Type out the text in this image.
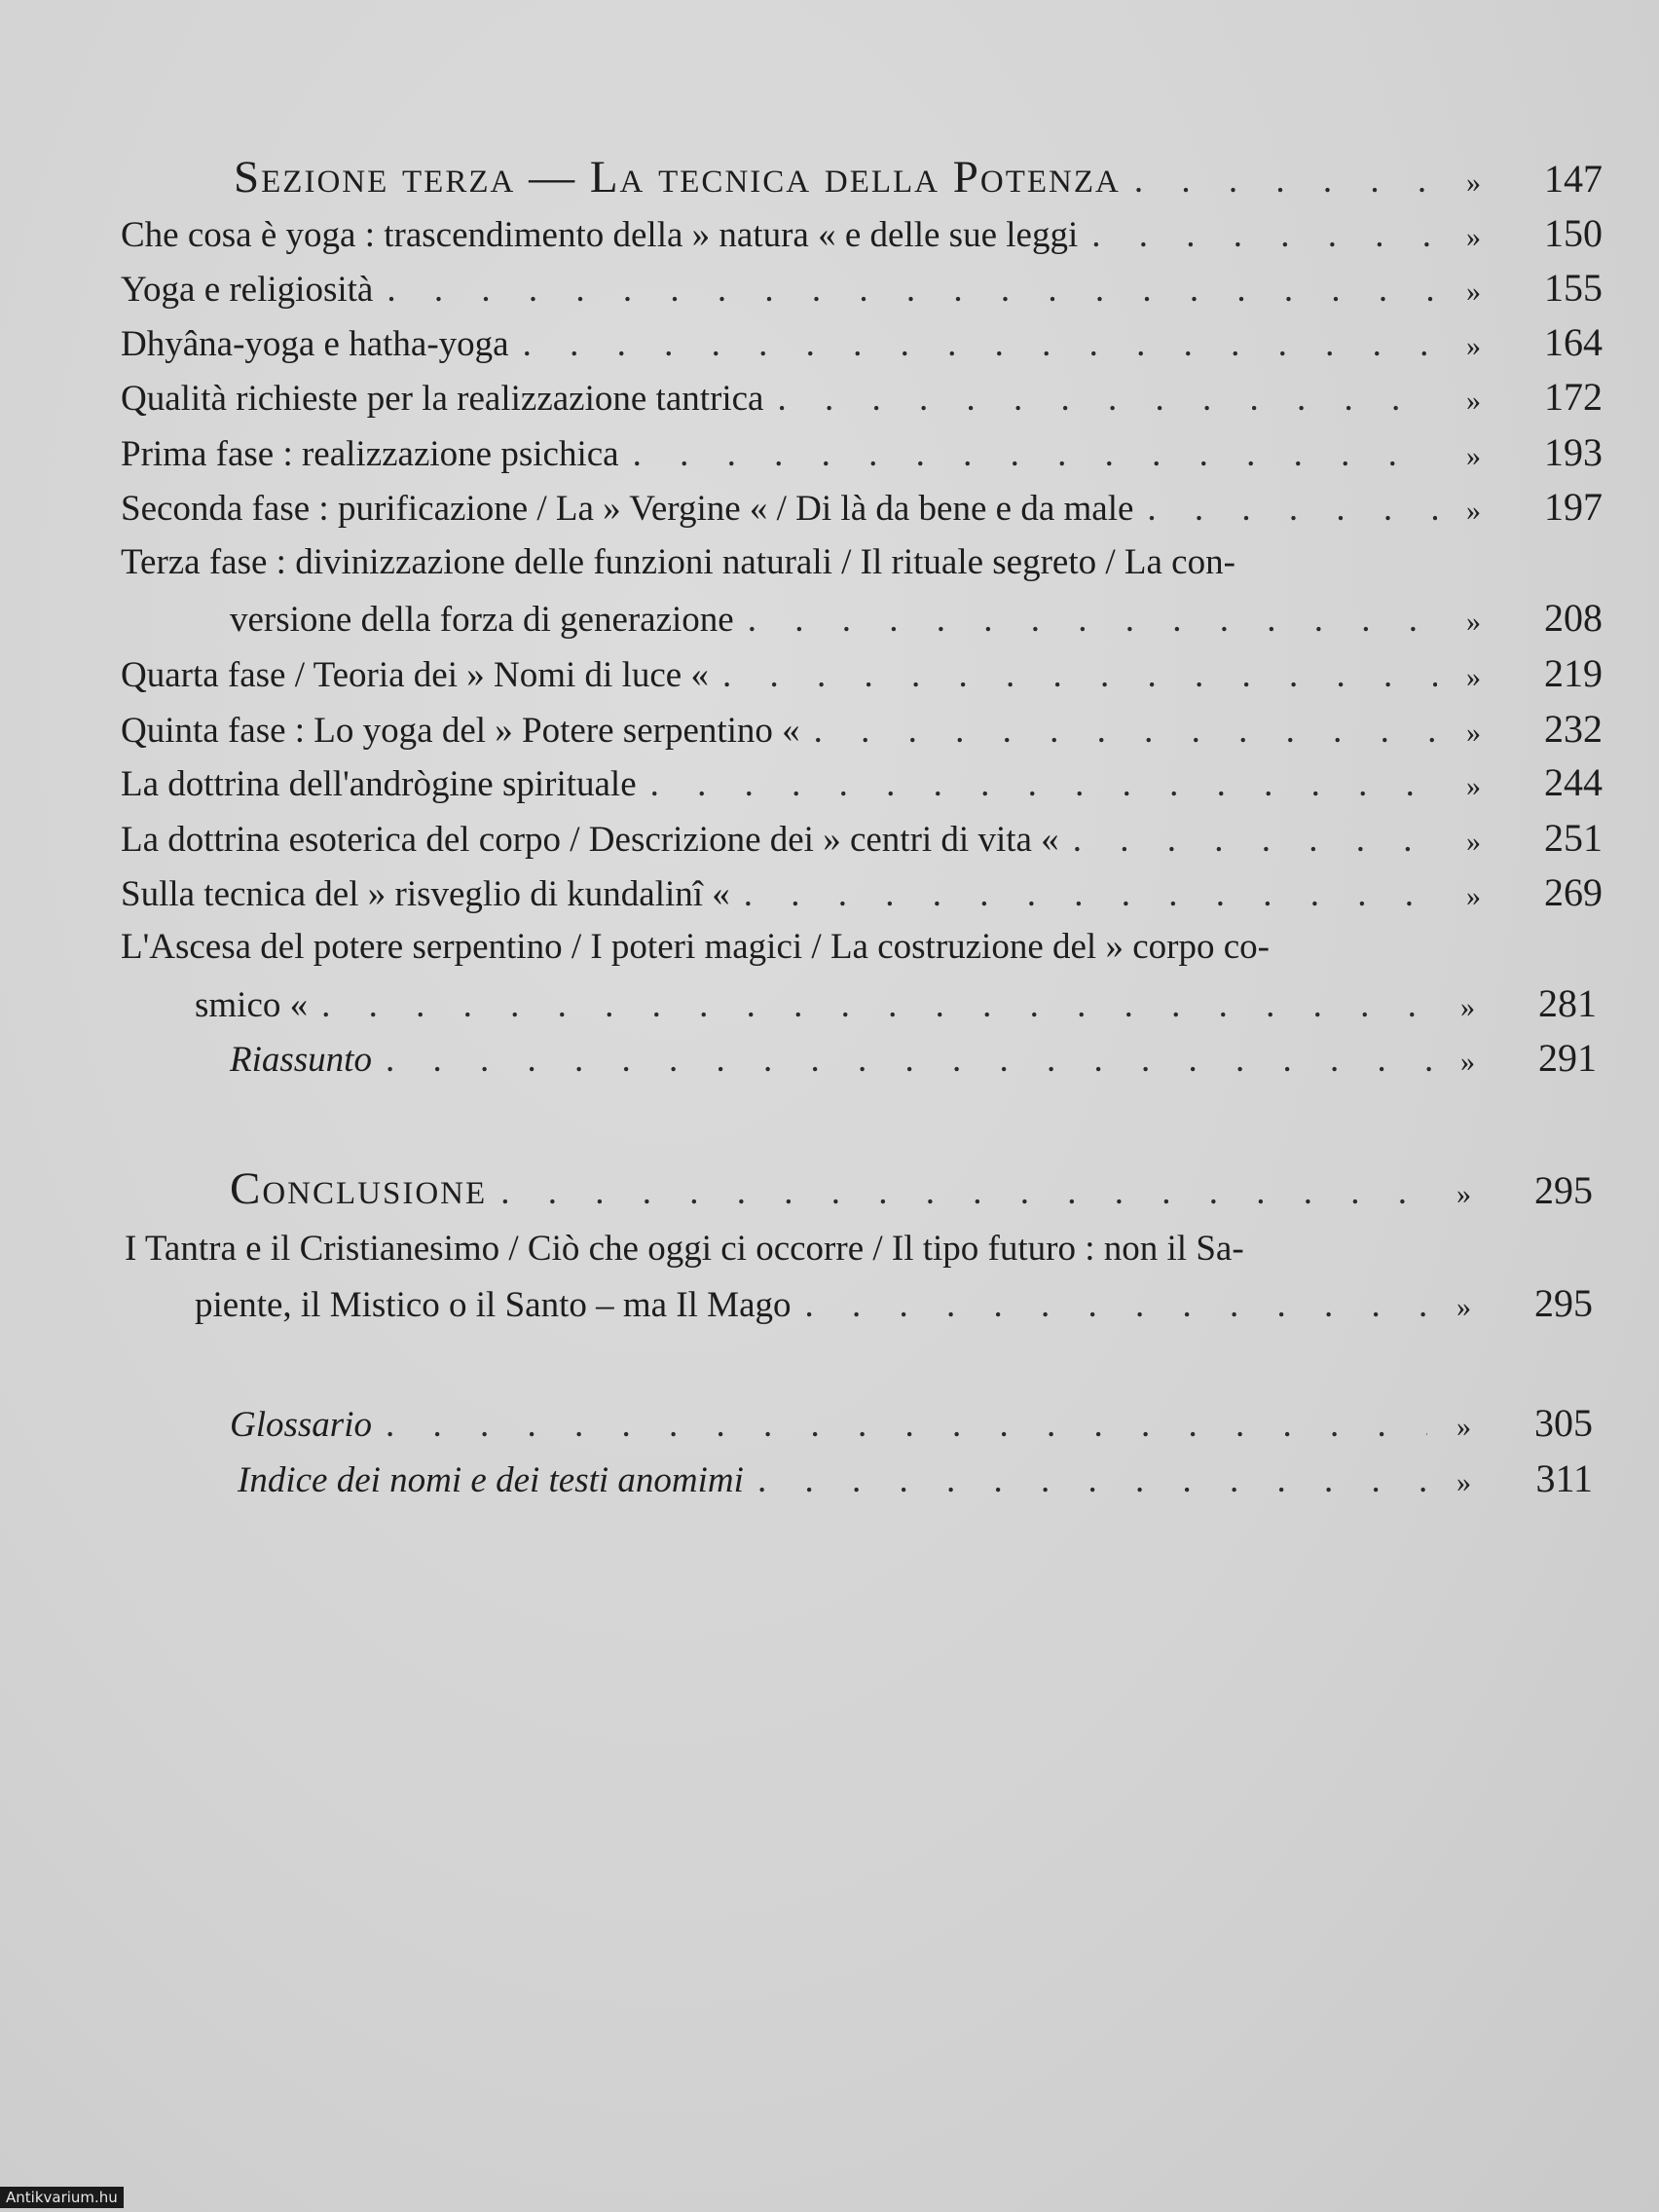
Sezione terza — La tecnica della Potenza . . .	»	147
Che cosa è yoga : trascendimento della » natura « e delle sue leggi . . .	»	150
Yoga e religiosità . . .	»	155
Dhyâna-yoga e hatha-yoga . . .	»	164
Qualità richieste per la realizzazione tantrica . . .	»	172
Prima fase : realizzazione psichica . . .	»	193
Seconda fase : purificazione / La » Vergine « / Di là da bene e da male . . .	»	197
Terza fase : divinizzazione delle funzioni naturali / Il rituale segreto / La con-
versione della forza di generazione . . .	»	208
Quarta fase / Teoria dei » Nomi di luce « . . .	»	219
Quinta fase : Lo yoga del » Potere serpentino « . . .	»	232
La dottrina dell'andrògine spirituale . . .	»	244
La dottrina esoterica del corpo / Descrizione dei » centri di vita « . . .	»	251
Sulla tecnica del » risveglio di kundalinî « . . .	»	269
L'Ascesa del potere serpentino / I poteri magici / La costruzione del » corpo co-
smico « . . .	»	281
Riassunto . . .	»	291
Conclusione . . .	»	295
I Tantra e il Cristianesimo / Ciò che oggi ci occorre / Il tipo futuro : non il Sa-
piente, il Mistico o il Santo – ma Il Mago . . .	»	295
Glossario . . .	»	305
Indice dei nomi e dei testi anomimi . . .	»	311
Antikvarium.hu
